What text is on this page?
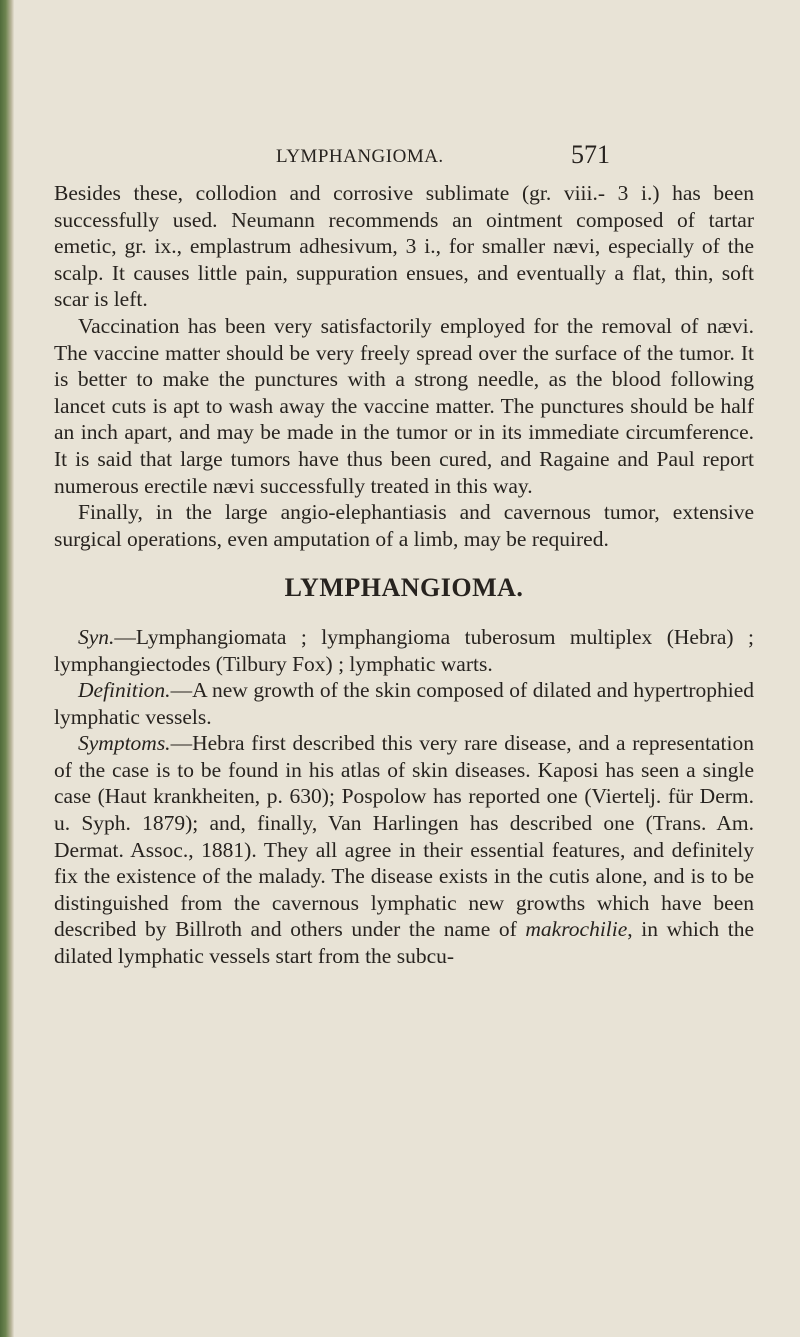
LYMPHANGIOMA.	571

Besides these, collodion and corrosive sublimate (gr. viii.- 3 i.) has been successfully used. Neumann recommends an ointment composed of tartar emetic, gr. ix., emplastrum adhesivum, 3 i., for smaller nævi, especially of the scalp. It causes little pain, suppuration ensues, and eventually a flat, thin, soft scar is left.

Vaccination has been very satisfactorily employed for the removal of nævi. The vaccine matter should be very freely spread over the surface of the tumor. It is better to make the punctures with a strong needle, as the blood following lancet cuts is apt to wash away the vaccine matter. The punctures should be half an inch apart, and may be made in the tumor or in its immediate circumference. It is said that large tumors have thus been cured, and Ragaine and Paul report numerous erectile nævi successfully treated in this way.

Finally, in the large angio-elephantiasis and cavernous tumor, extensive surgical operations, even amputation of a limb, may be required.

LYMPHANGIOMA.

Syn.—Lymphangiomata ; lymphangioma tuberosum multiplex (Hebra) ; lymphangiectodes (Tilbury Fox) ; lymphatic warts.

Definition.—A new growth of the skin composed of dilated and hypertrophied lymphatic vessels.

Symptoms.—Hebra first described this very rare disease, and a representation of the case is to be found in his atlas of skin diseases. Kaposi has seen a single case (Haut krankheiten, p. 630); Pospolow has reported one (Viertelj. für Derm. u. Syph. 1879); and, finally, Van Harlingen has described one (Trans. Am. Dermat. Assoc., 1881). They all agree in their essential features, and definitely fix the existence of the malady. The disease exists in the cutis alone, and is to be distinguished from the cavernous lymphatic new growths which have been described by Billroth and others under the name of makrochilie, in which the dilated lymphatic vessels start from the subcu-
